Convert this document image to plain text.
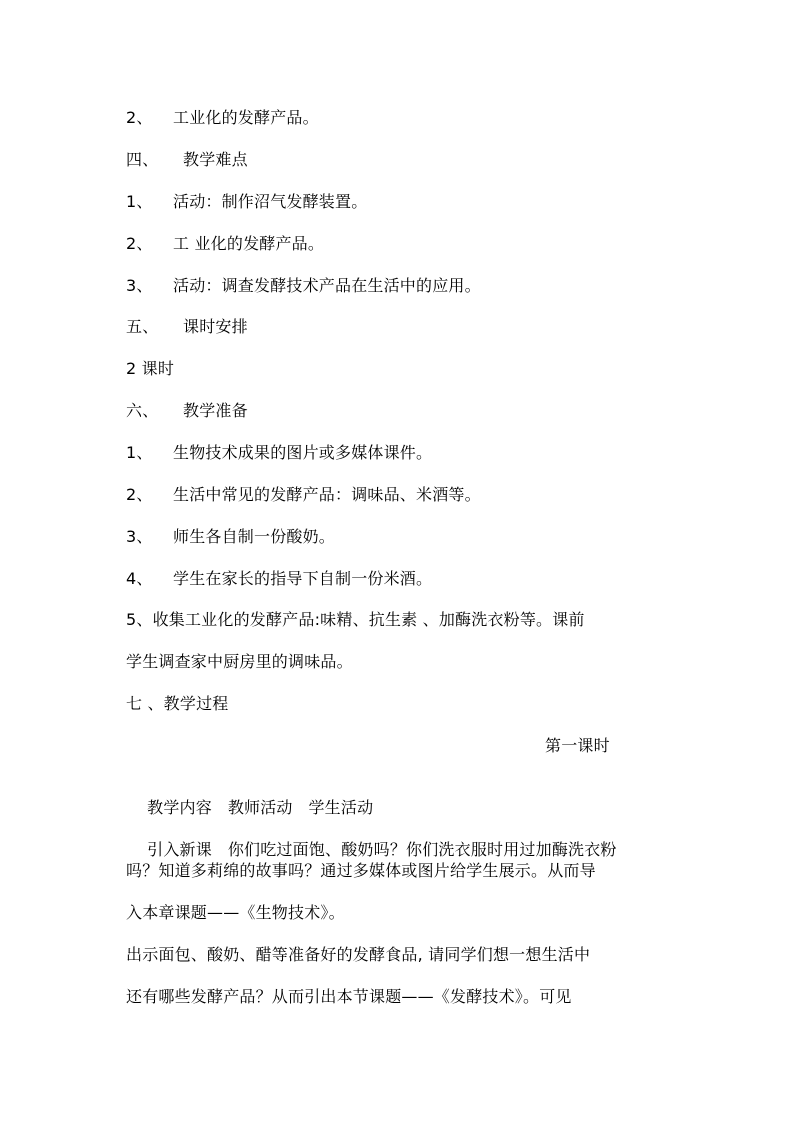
2、 工业化的发酵产品。
四、 教学难点
1、 活动：制作沼气发酵装置。
2、 工 业化的发酵产品。
3、 活动：调查发酵技术产品在生活中的应用。
五、 课时安排
2 课时
六、 教学准备
1、 生物技术成果的图片或多媒体课件。
2、 生活中常见的发酵产品：调味品、米酒等。
3、 师生各自制一份酸奶。
4、 学生在家长的指导下自制一份米酒。
5、收集工业化的发酵产品:味精、抗生素 、加酶洗衣粉等。课前
学生调查家中厨房里的调味品。
七 、教学过程
第一课时

教学内容   教师活动   学生活动

引入新课   你们吃过面饱、酸奶吗？你们洗衣服时用过加酶洗衣粉

吗？知道多莉绵的故事吗？通过多媒体或图片给学生展示。从而导
入本章课题——《生物技术》。
出示面包、酸奶、醋等准备好的发酵食品, 请同学们想一想生活中
还有哪些发酵产品？从而引出本节课题——《发酵技术》。可见
